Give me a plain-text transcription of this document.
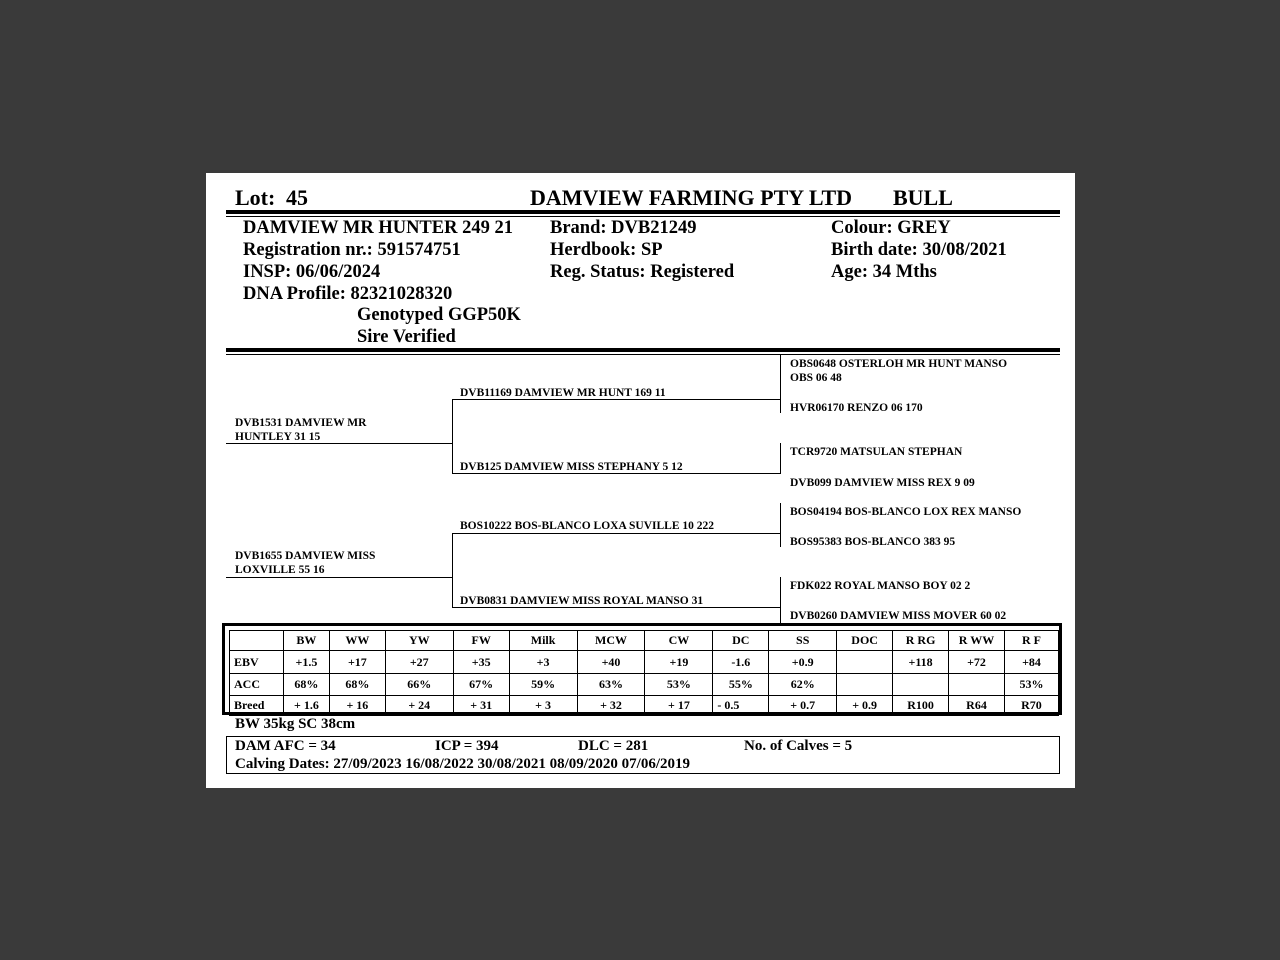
Lot: 45	DAMVIEW FARMING PTY LTD BULL
DAMVIEW MR HUNTER 249 21
Registration nr.: 591574751
INSP: 06/06/2024
DNA Profile: 82321028320
Genotyped GGP50K
Sire Verified
Brand: DVB21249
Herdbook: SP
Reg. Status: Registered
Colour: GREY
Birth date: 30/08/2021
Age: 34 Mths
DVB1531 DAMVIEW MR
HUNTLEY 31 15
DVB11169 DAMVIEW MR HUNT 169 11
DVB125 DAMVIEW MISS STEPHANY 5 12
OBS0648 OSTERLOH MR HUNT MANSO
OBS 06 48
HVR06170 RENZO 06 170
TCR9720 MATSULAN STEPHAN
DVB099 DAMVIEW MISS REX 9 09
DVB1655 DAMVIEW MISS
LOXVILLE 55 16
BOS10222 BOS-BLANCO LOXA SUVILLE 10 222
DVB0831 DAMVIEW MISS ROYAL MANSO 31
BOS04194 BOS-BLANCO LOX REX MANSO
BOS95383 BOS-BLANCO 383 95
FDK022 ROYAL MANSO BOY 02 2
DVB0260 DAMVIEW MISS MOVER 60 02
	BW	WW	YW	FW	Milk	MCW	CW	DC	SS	DOC	R RG	R WW	R F
EBV	+1.5	+17	+27	+35	+3	+40	+19	-1.6	+0.9		+118	+72	+84
ACC	68%	68%	66%	67%	59%	63%	53%	55%	62%				53%
Breed	+ 1.6	+ 16	+ 24	+ 31	+ 3	+ 32	+ 17	- 0.5	+ 0.7	+ 0.9	R100	R64	R70
BW 35kg SC 38cm
DAM AFC = 34	ICP = 394	DLC = 281	No. of Calves = 5
Calving Dates: 27/09/2023 16/08/2022 30/08/2021 08/09/2020 07/06/2019
